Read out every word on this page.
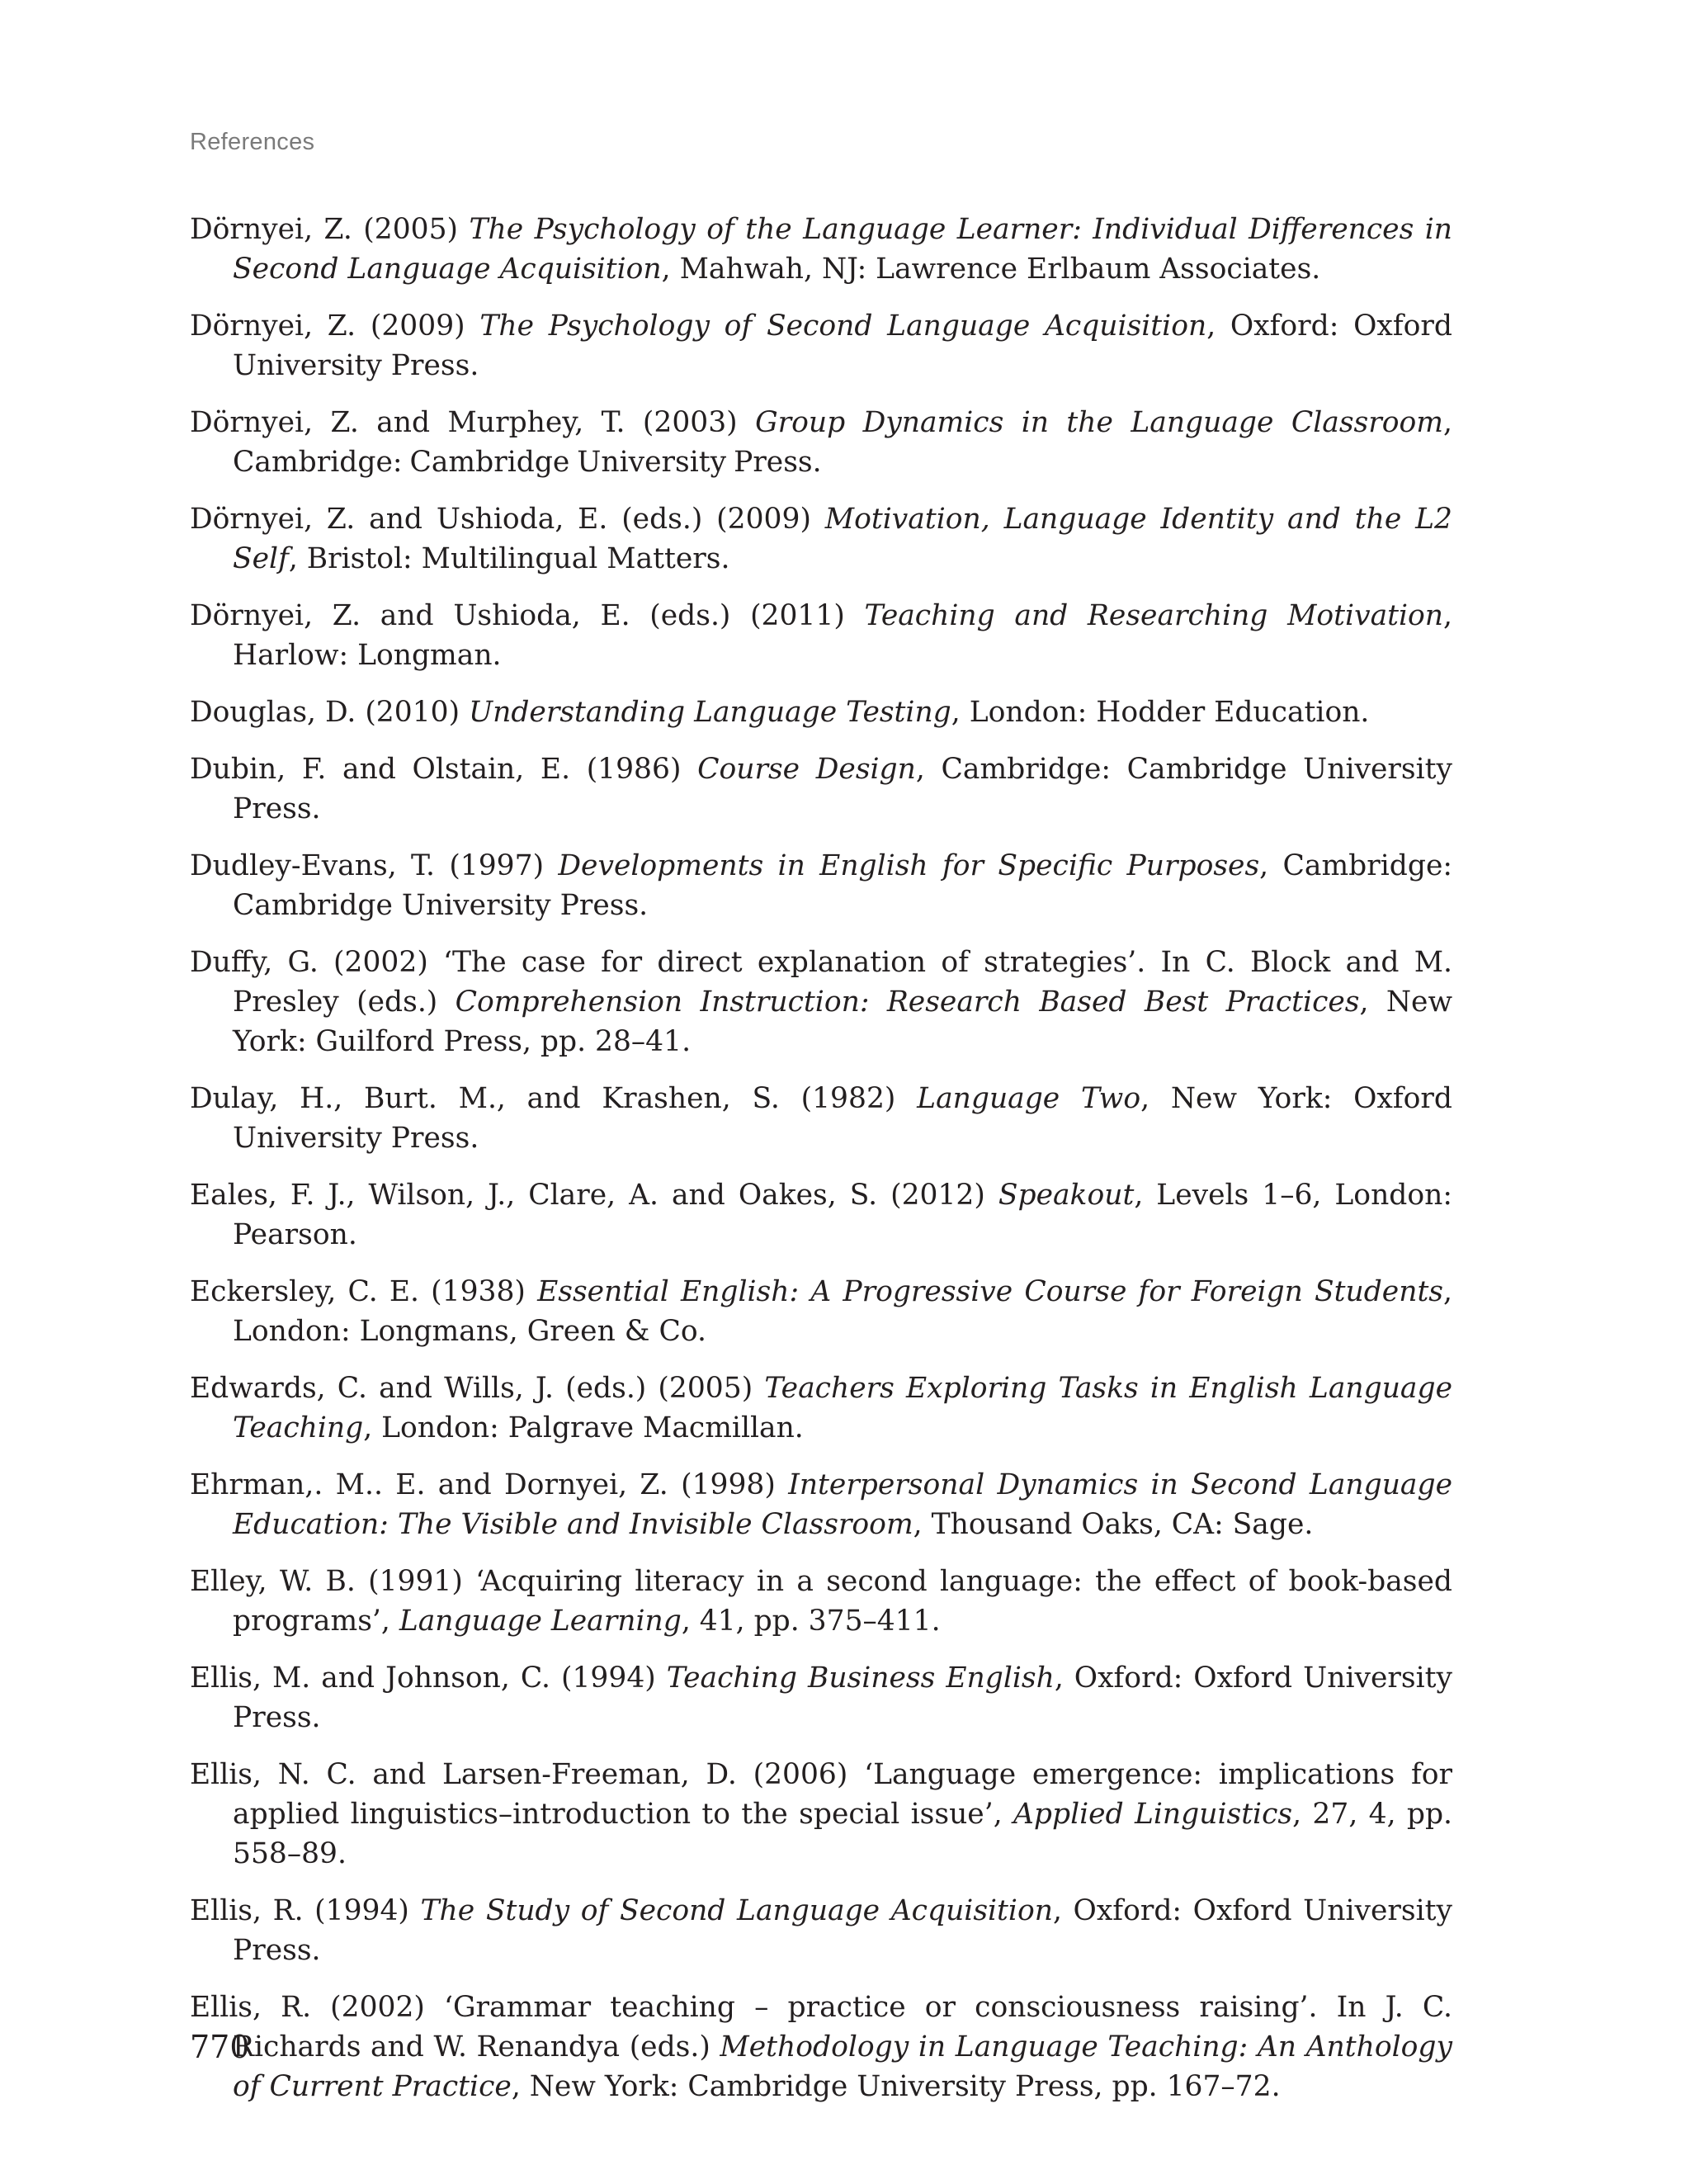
References

Dörnyei, Z. (2005) The Psychology of the Language Learner: Individual Differences in Second Language Acquisition, Mahwah, NJ: Lawrence Erlbaum Associates.

Dörnyei, Z. (2009) The Psychology of Second Language Acquisition, Oxford: Oxford University Press.

Dörnyei, Z. and Murphey, T. (2003) Group Dynamics in the Language Classroom, Cambridge: Cambridge University Press.

Dörnyei, Z. and Ushioda, E. (eds.) (2009) Motivation, Language Identity and the L2 Self, Bristol: Multilingual Matters.

Dörnyei, Z. and Ushioda, E. (eds.) (2011) Teaching and Researching Motivation, Harlow: Longman.

Douglas, D. (2010) Understanding Language Testing, London: Hodder Education.

Dubin, F. and Olstain, E. (1986) Course Design, Cambridge: Cambridge University Press.

Dudley-Evans, T. (1997) Developments in English for Specific Purposes, Cambridge: Cambridge University Press.

Duffy, G. (2002) ‘The case for direct explanation of strategies’. In C. Block and M. Presley (eds.) Comprehension Instruction: Research Based Best Practices, New York: Guilford Press, pp. 28–41.

Dulay, H., Burt. M., and Krashen, S. (1982) Language Two, New York: Oxford University Press.

Eales, F. J., Wilson, J., Clare, A. and Oakes, S. (2012) Speakout, Levels 1–6, London: Pearson.

Eckersley, C. E. (1938) Essential English: A Progressive Course for Foreign Students, London: Longmans, Green & Co.

Edwards, C. and Wills, J. (eds.) (2005) Teachers Exploring Tasks in English Language Teaching, London: Palgrave Macmillan.

Ehrman,. M.. E. and Dornyei, Z. (1998) Interpersonal Dynamics in Second Language Education: The Visible and Invisible Classroom, Thousand Oaks, CA: Sage.

Elley, W. B. (1991) ‘Acquiring literacy in a second language: the effect of book-based programs’, Language Learning, 41, pp. 375–411.

Ellis, M. and Johnson, C. (1994) Teaching Business English, Oxford: Oxford University Press.

Ellis, N. C. and Larsen-Freeman, D. (2006) ‘Language emergence: implications for applied linguistics–introduction to the special issue’, Applied Linguistics, 27, 4, pp. 558–89.

Ellis, R. (1994) The Study of Second Language Acquisition, Oxford: Oxford University Press.

Ellis, R. (2002) ‘Grammar teaching – practice or consciousness raising’. In J. C. Richards and W. Renandya (eds.) Methodology in Language Teaching: An Anthology of Current Practice, New York: Cambridge University Press, pp. 167–72.

770
